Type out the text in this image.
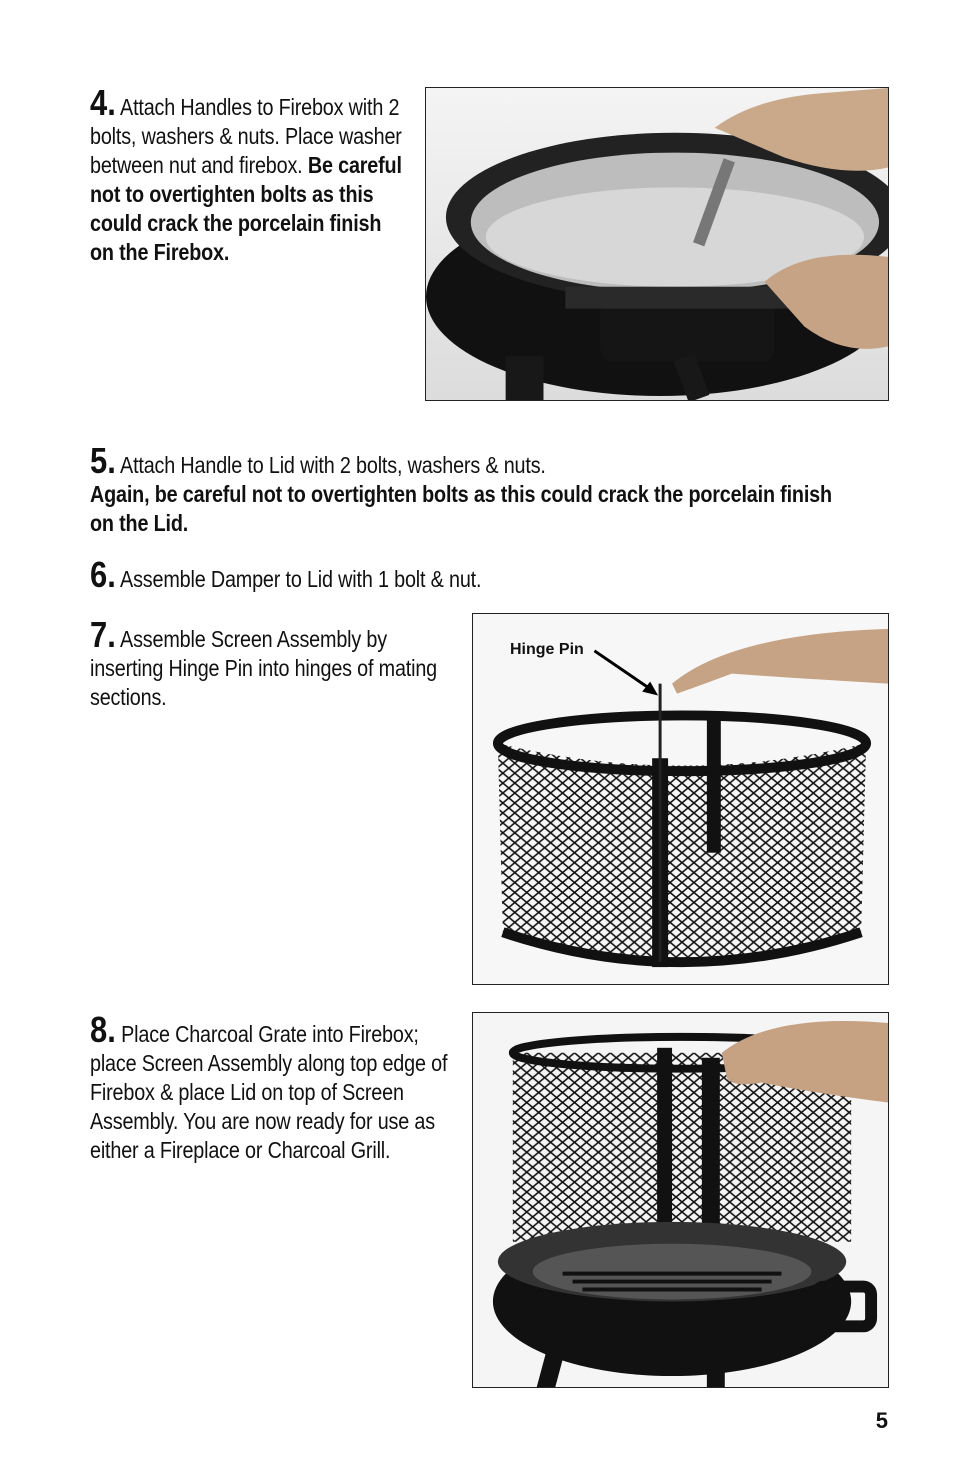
4. Attach Handles to Firebox with 2 bolts, washers & nuts. Place washer between nut and firebox. Be careful not to overtighten bolts as this could crack the porcelain finish on the Firebox.
5. Attach Handle to Lid with 2 bolts, washers & nuts.
Again, be careful not to overtighten bolts as this could crack the porcelain finish on the Lid.
6. Assemble Damper to Lid with 1 bolt & nut.
7. Assemble Screen Assembly by inserting Hinge Pin into hinges of mating sections.
Hinge Pin
8. Place Charcoal Grate into Firebox; place Screen Assembly along top edge of Firebox & place Lid on top of Screen Assembly. You are now ready for use as either a Fireplace or Charcoal Grill.
5
